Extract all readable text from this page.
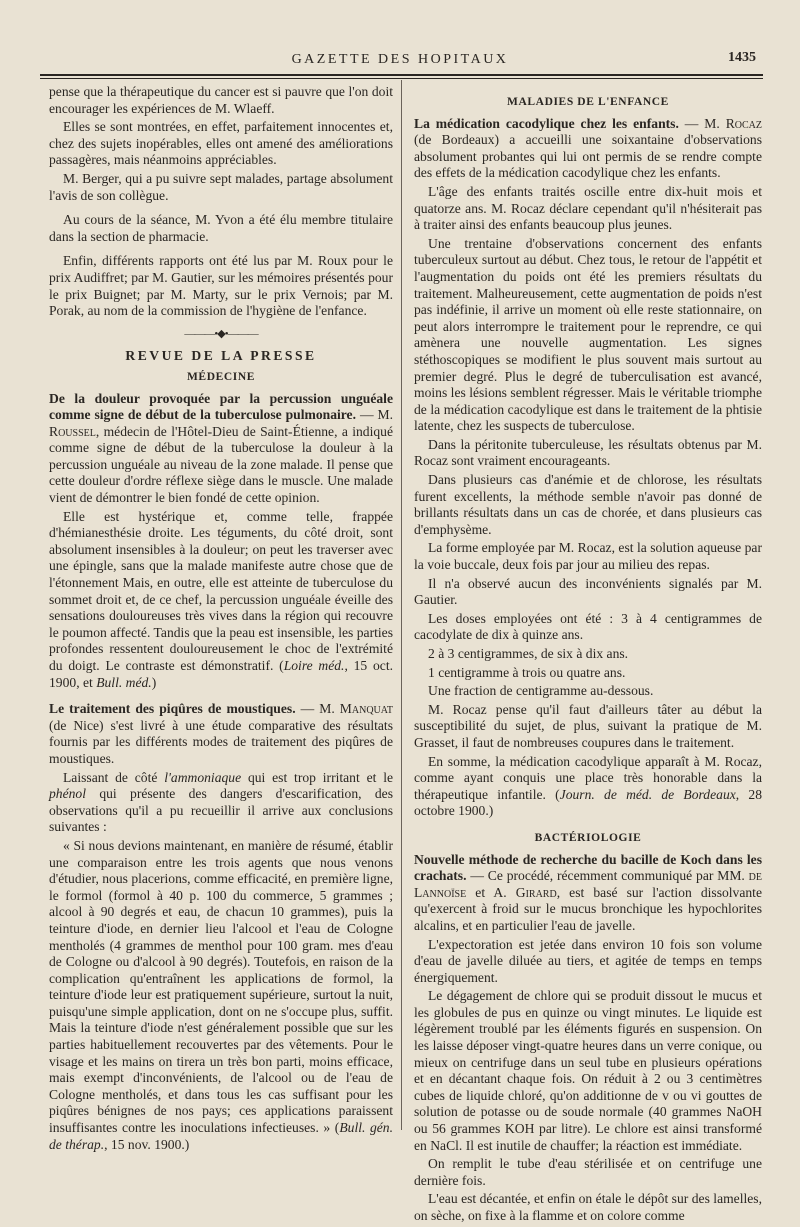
GAZETTE DES HOPITAUX	1435

pense que la thérapeutique du cancer est si pauvre que l'on doit encourager les expériences de M. Wlaeff.

Elles se sont montrées, en effet, parfaitement innocentes et, chez des sujets inopérables, elles ont amené des améliorations passagères, mais néanmoins appréciables.

M. Berger, qui a pu suivre sept malades, partage absolument l'avis de son collègue.

Au cours de la séance, M. Yvon a été élu membre titulaire dans la section de pharmacie.

Enfin, différents rapports ont été lus par M. Roux pour le prix Audiffret; par M. Gautier, sur les mémoires présentés pour le prix Buignet; par M. Marty, sur le prix Vernois; par M. Porak, au nom de la commission de l'hygiène de l'enfance.

———•◆•———
REVUE DE LA PRESSE
MÉDECINE

De la douleur provoquée par la percussion unguéale comme signe de début de la tuberculose pulmonaire. — M. Roussel, médecin de l'Hôtel-Dieu de Saint-Étienne, a indiqué comme signe de début de la tuberculose la douleur à la percussion unguéale au niveau de la zone malade. Il pense que cette douleur d'ordre réflexe siège dans le muscle. Une malade vient de démontrer le bien fondé de cette opinion.

Elle est hystérique et, comme telle, frappée d'hémianesthésie droite. Les téguments, du côté droit, sont absolument insensibles à la douleur; on peut les traverser avec une épingle, sans que la malade manifeste autre chose que de l'étonnement Mais, en outre, elle est atteinte de tuberculose du sommet droit et, de ce chef, la percussion unguéale éveille des sensations douloureuses très vives dans la région qui recouvre le poumon affecté. Tandis que la peau est insensible, les parties profondes ressentent douloureusement le choc de l'extrémité du doigt. Le contraste est démonstratif. (Loire méd., 15 oct. 1900, et Bull. méd.)

Le traitement des piqûres de moustiques. — M. Manquat (de Nice) s'est livré à une étude comparative des résultats fournis par les différents modes de traitement des piqûres de moustiques.

Laissant de côté l'ammoniaque qui est trop irritant et le phénol qui présente des dangers d'escarification, des observations qu'il a pu recueillir il arrive aux conclusions suivantes :

« Si nous devions maintenant, en manière de résumé, établir une comparaison entre les trois agents que nous venons d'étudier, nous placerions, comme efficacité, en première ligne, le formol (formol à 40 p. 100 du commerce, 5 grammes ; alcool à 90 degrés et eau, de chacun 10 grammes), puis la teinture d'iode, en dernier lieu l'alcool et l'eau de Cologne mentholés (4 grammes de menthol pour 100 gram. mes d'eau de Cologne ou d'alcool à 90 degrés). Toutefois, en raison de la complication qu'entraînent les applications de formol, la teinture d'iode leur est pratiquement supérieure, surtout la nuit, puisqu'une simple application, dont on ne s'occupe plus, suffit. Mais la teinture d'iode n'est généralement possible que sur les parties habituellement recouvertes par des vêtements. Pour le visage et les mains on tirera un très bon parti, moins efficace, mais exempt d'inconvénients, de l'alcool ou de l'eau de Cologne mentholés, et dans tous les cas suffisant pour les piqûres bénignes de nos pays; ces applications paraissent insuffisantes contre les inoculations infectieuses. » (Bull. gén. de thérap., 15 nov. 1900.)

MALADIES DE L'ENFANCE

La médication cacodylique chez les enfants. — M. Rocaz (de Bordeaux) a accueilli une soixantaine d'observations absolument probantes qui lui ont permis de se rendre compte des effets de la médication cacodylique chez les enfants.

L'âge des enfants traités oscille entre dix-huit mois et quatorze ans. M. Rocaz déclare cependant qu'il n'hésiterait pas à traiter ainsi des enfants beaucoup plus jeunes.

Une trentaine d'observations concernent des enfants tuberculeux surtout au début. Chez tous, le retour de l'appétit et l'augmentation du poids ont été les premiers résultats du traitement. Malheureusement, cette augmentation de poids n'est pas indéfinie, il arrive un moment où elle reste stationnaire, on peut alors interrompre le traitement pour le reprendre, ce qui amènera une nouvelle augmentation. Les signes stéthoscopiques se modifient le plus souvent mais surtout au premier degré. Plus le degré de tuberculisation est avancé, moins les lésions semblent régresser. Mais le véritable triomphe de la médication cacodylique est dans le traitement de la phtisie latente, chez les suspects de tuberculose.

Dans la péritonite tuberculeuse, les résultats obtenus par M. Rocaz sont vraiment encourageants.

Dans plusieurs cas d'anémie et de chlorose, les résultats furent excellents, la méthode semble n'avoir pas donné de brillants résultats dans un cas de chorée, et dans plusieurs cas d'emphysème.

La forme employée par M. Rocaz, est la solution aqueuse par la voie buccale, deux fois par jour au milieu des repas.

Il n'a observé aucun des inconvénients signalés par M. Gautier.

Les doses employées ont été : 3 à 4 centigrammes de cacodylate de dix à quinze ans.

2 à 3 centigrammes, de six à dix ans.

1 centigramme à trois ou quatre ans.

Une fraction de centigramme au-dessous.

M. Rocaz pense qu'il faut d'ailleurs tâter au début la susceptibilité du sujet, de plus, suivant la pratique de M. Grasset, il faut de nombreuses coupures dans le traitement.

En somme, la médication cacodylique apparaît à M. Rocaz, comme ayant conquis une place très honorable dans la thérapeutique infantile. (Journ. de méd. de Bordeaux, 28 octobre 1900.)

BACTÉRIOLOGIE

Nouvelle méthode de recherche du bacille de Koch dans les crachats. — Ce procédé, récemment communiqué par MM. de Lannoïse et A. Girard, est basé sur l'action dissolvante qu'exercent à froid sur le mucus bronchique les hypochlorites alcalins, et en particulier l'eau de javelle.

L'expectoration est jetée dans environ 10 fois son volume d'eau de javelle diluée au tiers, et agitée de temps en temps énergiquement.

Le dégagement de chlore qui se produit dissout le mucus et les globules de pus en quinze ou vingt minutes. Le liquide est légèrement troublé par les éléments figurés en suspension. On les laisse déposer vingt-quatre heures dans un verre conique, ou mieux on centrifuge dans un seul tube en plusieurs opérations et en décantant chaque fois. On réduit à 2 ou 3 centimètres cubes de liquide chloré, qu'on additionne de v ou vi gouttes de solution de potasse ou de soude normale (40 grammes NaOH ou 56 grammes KOH par litre). Le chlore est ainsi transformé en NaCl. Il est inutile de chauffer; la réaction est immédiate.

On remplit le tube d'eau stérilisée et on centrifuge une dernière fois.

L'eau est décantée, et enfin on étale le dépôt sur des lamelles, on sèche, on fixe à la flamme et on colore comme
